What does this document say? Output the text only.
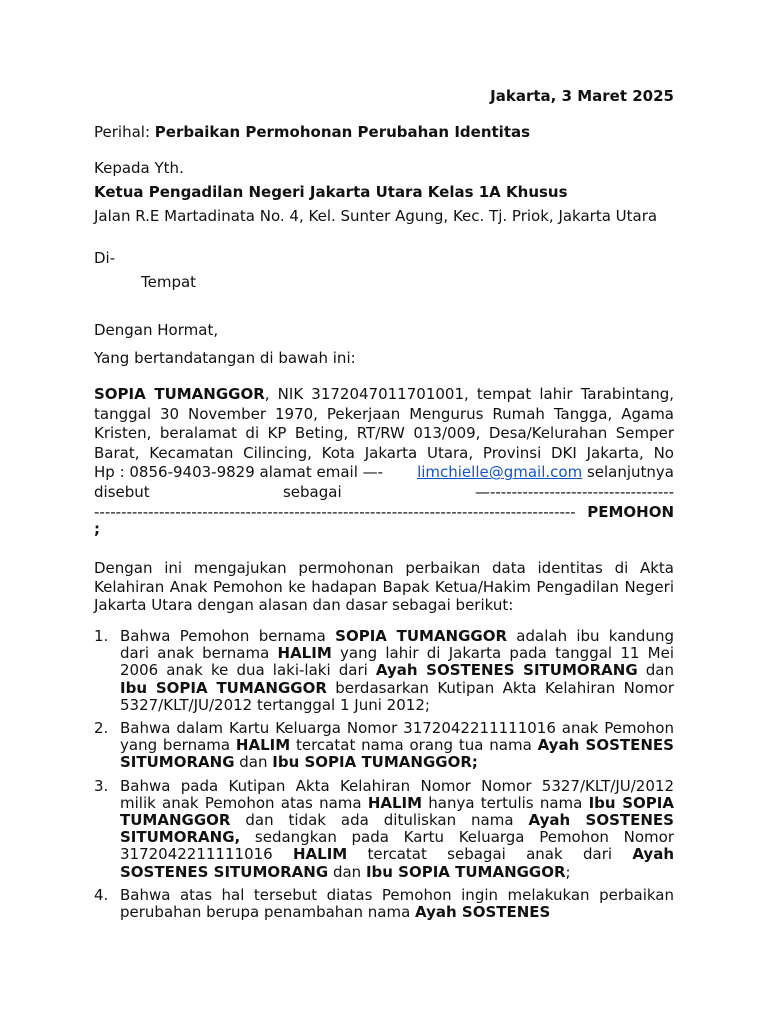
Jakarta, 3 Maret 2025

Perihal: Perbaikan Permohonan Perubahan Identitas

Kepada Yth.

Ketua Pengadilan Negeri Jakarta Utara Kelas 1A Khusus

Jalan R.E Martadinata No. 4, Kel. Sunter Agung, Kec. Tj. Priok, Jakarta Utara

Di-

Tempat

Dengan Hormat,

Yang bertandatangan di bawah ini:

SOPIA TUMANGGOR, NIK 3172047011701001, tempat lahir Tarabintang,
tanggal 30 November 1970, Pekerjaan Mengurus Rumah Tangga, Agama
Kristen, beralamat di KP Beting, RT/RW 013/009, Desa/Kelurahan Semper
Barat, Kecamatan Cilincing, Kota Jakarta Utara, Provinsi DKI Jakarta, No
Hp : 0856-9403-9829 alamat email —- limchielle@gmail.com selanjutnya
disebut	sebagai	—----------------------------------
----------------------------------------------------------------------------------------- PEMOHON
;

Dengan ini mengajukan permohonan perbaikan data identitas di Akta Kelahiran Anak Pemohon ke hadapan Bapak Ketua/Hakim Pengadilan Negeri Jakarta Utara dengan alasan dan dasar sebagai berikut:

1. Bahwa Pemohon bernama SOPIA TUMANGGOR adalah ibu kandung dari anak bernama HALIM yang lahir di Jakarta pada tanggal 11 Mei 2006 anak ke dua laki-laki dari Ayah SOSTENES SITUMORANG dan Ibu SOPIA TUMANGGOR berdasarkan Kutipan Akta Kelahiran Nomor 5327/KLT/JU/2012 tertanggal 1 Juni 2012;
2. Bahwa dalam Kartu Keluarga Nomor 3172042211111016 anak Pemohon yang bernama HALIM tercatat nama orang tua nama Ayah SOSTENES SITUMORANG dan Ibu SOPIA TUMANGGOR;
3. Bahwa pada Kutipan Akta Kelahiran Nomor Nomor 5327/KLT/JU/2012 milik anak Pemohon atas nama HALIM hanya tertulis nama Ibu SOPIA TUMANGGOR dan tidak ada dituliskan nama Ayah SOSTENES SITUMORANG, sedangkan pada Kartu Keluarga Pemohon Nomor 3172042211111016 HALIM tercatat sebagai anak dari Ayah SOSTENES SITUMORANG dan Ibu SOPIA TUMANGGOR;
4. Bahwa atas hal tersebut diatas Pemohon ingin melakukan perbaikan perubahan berupa penambahan nama Ayah SOSTENES
